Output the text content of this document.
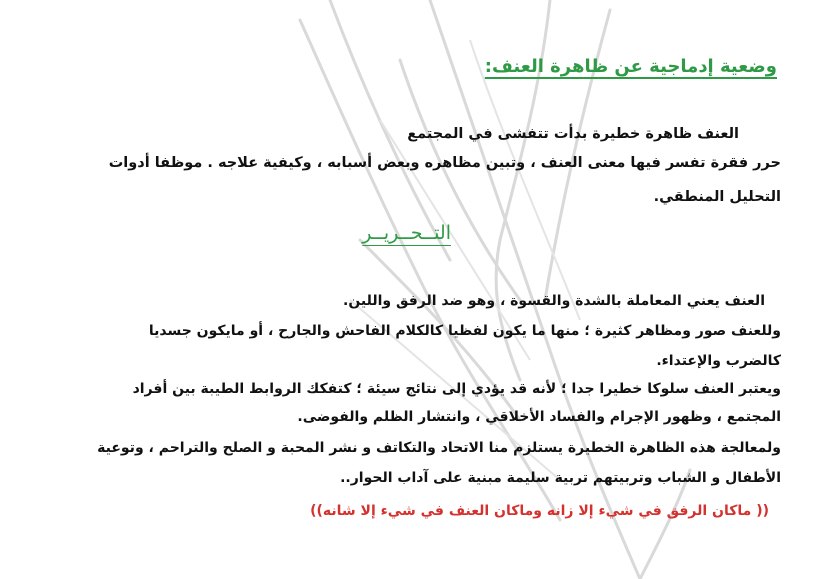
وضعية إدماجية عن ظاهرة العنف:
العنف ظاهرة خطيرة بدأت تتفشى في المجتمع
حرر فقرة تفسر فيها معنى العنف ، وتبين مظاهره وبعض أسبابه ، وكيفية علاجه . موظفا أدوات
التحليل المنطقي.
التــحــريــر
العنف يعني المعاملة بالشدة والقسوة ، وهو ضد الرفق واللين.
وللعنف صور ومظاهر كثيرة ؛ منها ما يكون لفظيا كالكلام الفاحش والجارح ، أو مايكون جسديا
كالضرب والإعتداء.
ويعتبر العنف سلوكا خطيرا جدا ؛ لأنه قد يؤدي إلى نتائج سيئة ؛ كتفكك الروابط الطيبة بين أفراد
المجتمع ، وظهور الإجرام والفساد الأخلاقي ، وانتشار الظلم والفوضى.
ولمعالجة هذه الظاهرة الخطيرة يستلزم منا الاتحاد والتكاتف و نشر المحبة و الصلح والتراحم ، وتوعية
الأطفال و الشباب وتربيتهم تربية سليمة مبنية على آداب الحوار..
(( ماكان الرفق في شيء إلا زانه وماكان العنف في شيء إلا شانه))
